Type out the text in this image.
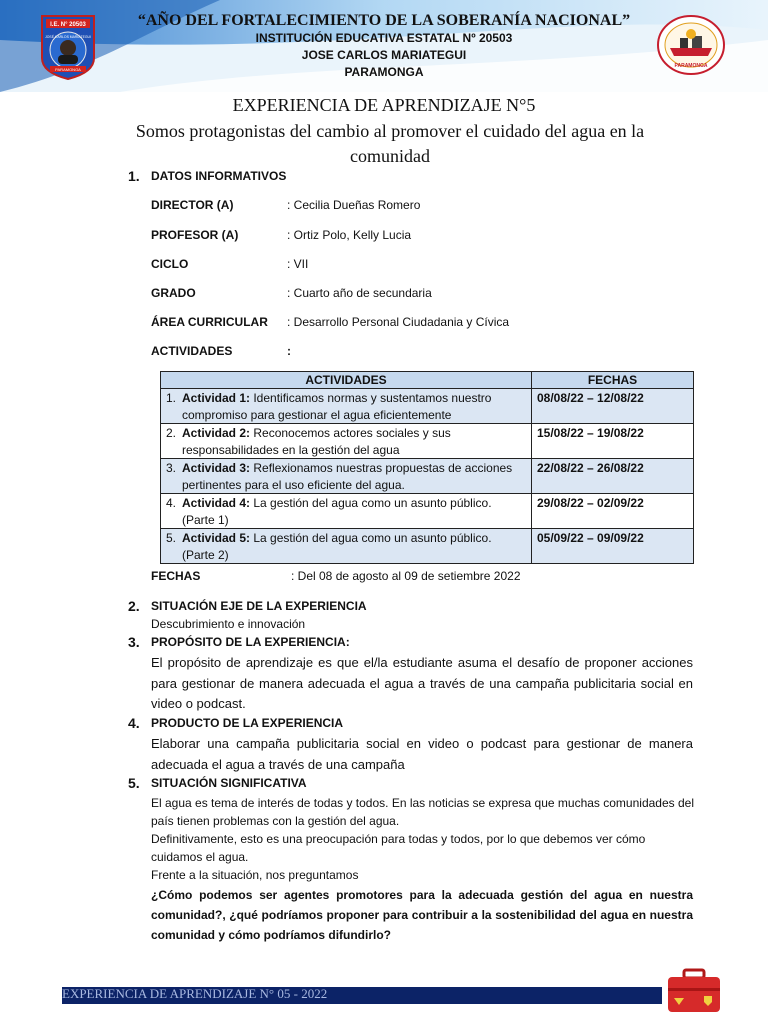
I.E. N° 20503
JOSÉ CARLOS MARIÁTEGUI
PARAMONGA
PARAMONGA
“AÑO DEL FORTALECIMIENTO DE LA SOBERANÍA NACIONAL”
INSTITUCIÓN EDUCATIVA ESTATAL Nº 20503
JOSE CARLOS MARIATEGUI
PARAMONGA
EXPERIENCIA DE APRENDIZAJE N°5
Somos protagonistas del cambio al promover el cuidado del agua en la comunidad
1. DATOS INFORMATIVOS
DIRECTOR (A)	: Cecilia Dueñas Romero
PROFESOR (A)	: Ortiz Polo, Kelly Lucia
CICLO	: VII
GRADO	: Cuarto año de secundaria
ÁREA CURRICULAR : Desarrollo Personal Ciudadania y Cívica
ACTIVIDADES	:
ACTIVIDADES	FECHAS

1. Actividad 1: Identificamos normas y sustentamos nuestro compromiso para gestionar el agua eficientemente	08/08/22 – 12/08/22

2. Actividad 2: Reconocemos actores sociales y sus responsabilidades en la gestión del agua	15/08/22 – 19/08/22

3. Actividad 3: Reflexionamos nuestras propuestas de acciones pertinentes para el uso eficiente del agua.	22/08/22 – 26/08/22

4. Actividad 4: La gestión del agua como un asunto público. (Parte 1)	29/08/22 – 02/09/22

5. Actividad 5: La gestión del agua como un asunto público. (Parte 2)	05/09/22 – 09/09/22
FECHAS	: Del 08 de agosto al 09 de setiembre 2022
2. SITUACIÓN EJE DE LA EXPERIENCIA
Descubrimiento e innovación
3. PROPÓSITO DE LA EXPERIENCIA:
El propósito de aprendizaje es que el/la estudiante asuma el desafío de proponer acciones para gestionar de manera adecuada el agua a través de una campaña publicitaria social en video o podcast.
4. PRODUCTO DE LA EXPERIENCIA
Elaborar una campaña publicitaria social en video o podcast para gestionar de manera adecuada el agua a través de una campaña
5. SITUACIÓN SIGNIFICATIVA
El agua es tema de interés de todas y todos. En las noticias se expresa que muchas comunidades del país tienen problemas con la gestión del agua.
Definitivamente, esto es una preocupación para todas y todos, por lo que debemos ver cómo cuidamos el agua.
Frente a la situación, nos preguntamos
¿Cómo podemos ser agentes promotores para la adecuada gestión del agua en nuestra comunidad?, ¿qué podríamos proponer para contribuir a la sostenibilidad del agua en nuestra comunidad y cómo podríamos difundirlo?
EXPERIENCIA DE APRENDIZAJE N° 05 - 2022
